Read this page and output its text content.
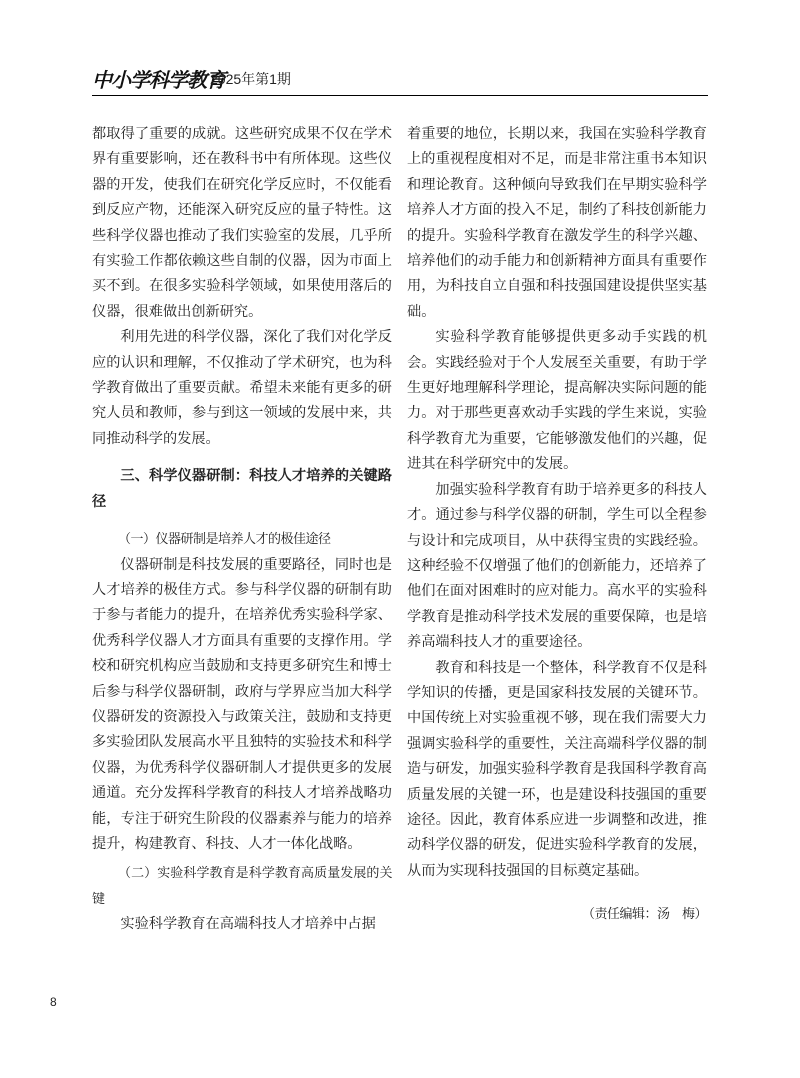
中小学科学教育
2025年第1期

都取得了重要的成就。这些研究成果不仅在学术界有重要影响，还在教科书中有所体现。这些仪器的开发，使我们在研究化学反应时，不仅能看到反应产物，还能深入研究反应的量子特性。这些科学仪器也推动了我们实验室的发展，几乎所有实验工作都依赖这些自制的仪器，因为市面上买不到。在很多实验科学领域，如果使用落后的仪器，很难做出创新研究。

利用先进的科学仪器，深化了我们对化学反应的认识和理解，不仅推动了学术研究，也为科学教育做出了重要贡献。希望未来能有更多的研究人员和教师，参与到这一领域的发展中来，共同推动科学的发展。

三、科学仪器研制：科技人才培养的关键路径

（一）仪器研制是培养人才的极佳途径

仪器研制是科技发展的重要路径，同时也是人才培养的极佳方式。参与科学仪器的研制有助于参与者能力的提升，在培养优秀实验科学家、优秀科学仪器人才方面具有重要的支撑作用。学校和研究机构应当鼓励和支持更多研究生和博士后参与科学仪器研制，政府与学界应当加大科学仪器研发的资源投入与政策关注，鼓励和支持更多实验团队发展高水平且独特的实验技术和科学仪器，为优秀科学仪器研制人才提供更多的发展通道。充分发挥科学教育的科技人才培养战略功能，专注于研究生阶段的仪器素养与能力的培养提升，构建教育、科技、人才一体化战略。

（二）实验科学教育是科学教育高质量发展的关键

实验科学教育在高端科技人才培养中占据

着重要的地位，长期以来，我国在实验科学教育上的重视程度相对不足，而是非常注重书本知识和理论教育。这种倾向导致我们在早期实验科学培养人才方面的投入不足，制约了科技创新能力的提升。实验科学教育在激发学生的科学兴趣、培养他们的动手能力和创新精神方面具有重要作用，为科技自立自强和科技强国建设提供坚实基础。

实验科学教育能够提供更多动手实践的机会。实践经验对于个人发展至关重要，有助于学生更好地理解科学理论，提高解决实际问题的能力。对于那些更喜欢动手实践的学生来说，实验科学教育尤为重要，它能够激发他们的兴趣，促进其在科学研究中的发展。

加强实验科学教育有助于培养更多的科技人才。通过参与科学仪器的研制，学生可以全程参与设计和完成项目，从中获得宝贵的实践经验。这种经验不仅增强了他们的创新能力，还培养了他们在面对困难时的应对能力。高水平的实验科学教育是推动科学技术发展的重要保障，也是培养高端科技人才的重要途径。

教育和科技是一个整体，科学教育不仅是科学知识的传播，更是国家科技发展的关键环节。中国传统上对实验重视不够，现在我们需要大力强调实验科学的重要性，关注高端科学仪器的制造与研发，加强实验科学教育是我国科学教育高质量发展的关键一环，也是建设科技强国的重要途径。因此，教育体系应进一步调整和改进，推动科学仪器的研发，促进实验科学教育的发展，从而为实现科技强国的目标奠定基础。

（责任编辑：汤　梅）

8
